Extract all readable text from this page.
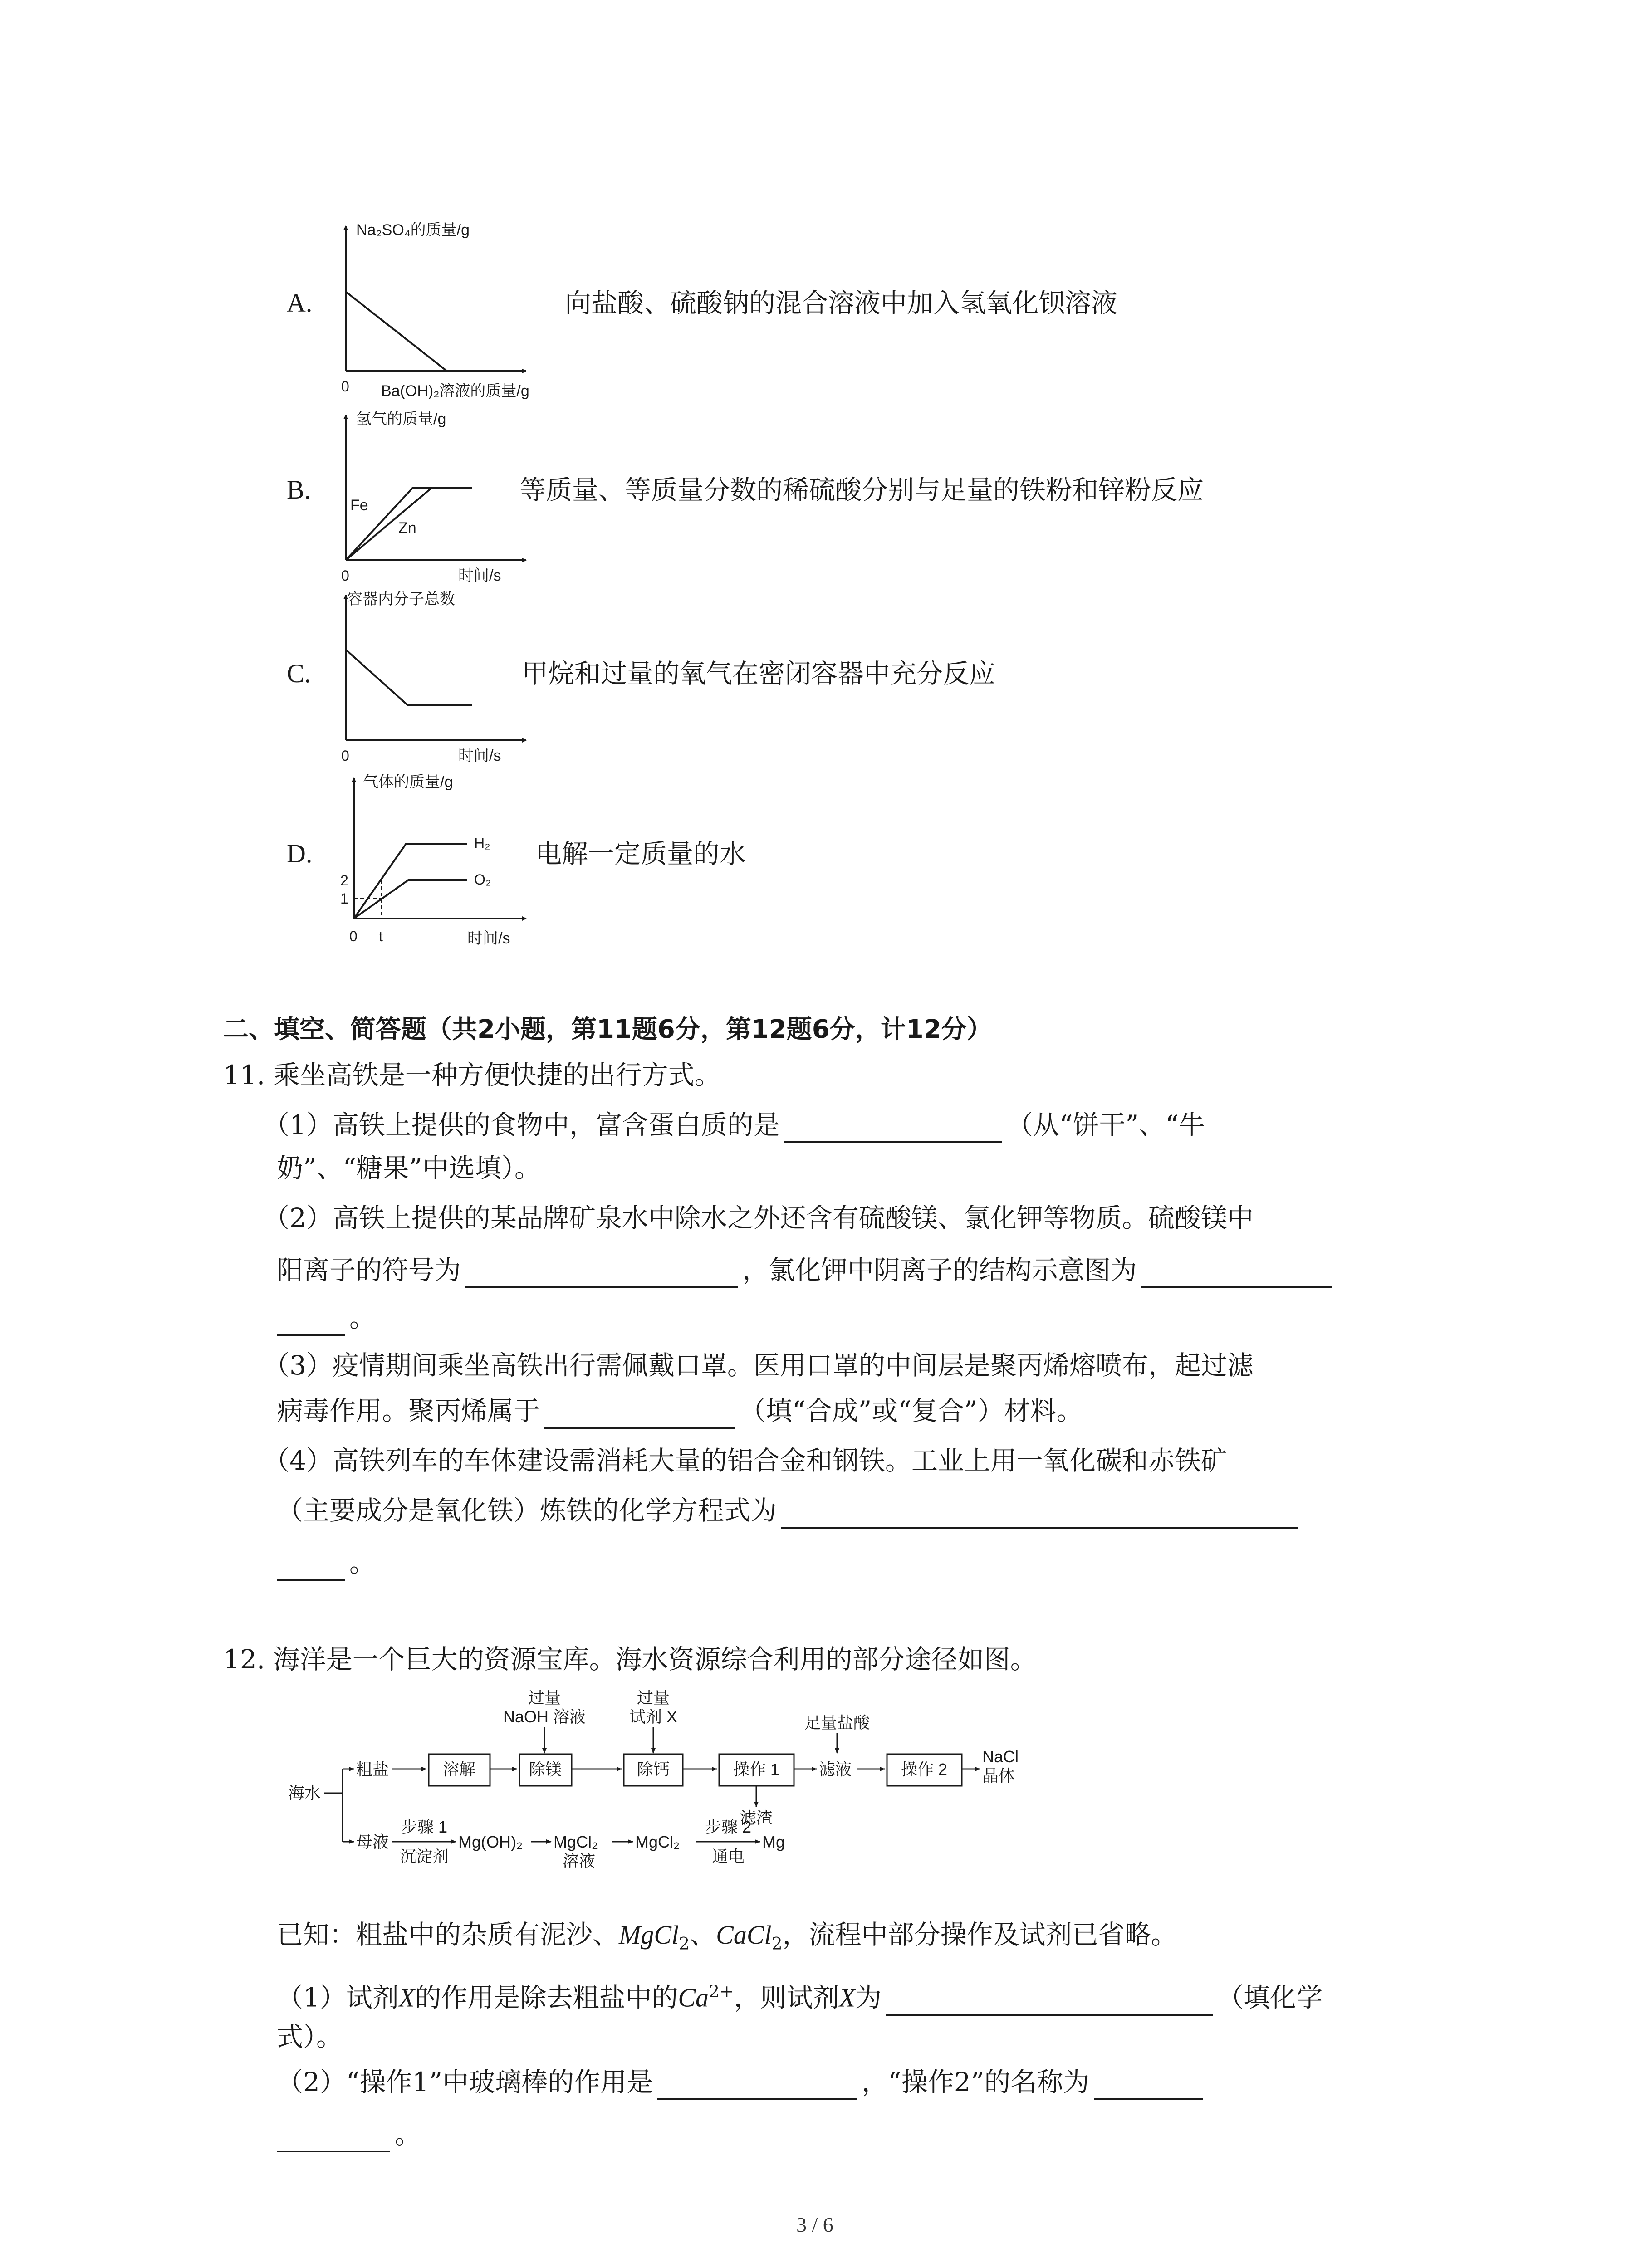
A.
Na₂SO₄的质量/g
0 Ba(OH)₂溶液的质量/g
向盐酸、硫酸钠的混合溶液中加入氢氧化钡溶液
B.
氢气的质量/g
Fe
Zn
0	时间/s
等质量、等质量分数的稀硫酸分别与足量的铁粉和锌粉反应
C.
容器内分子总数
0	时间/s
甲烷和过量的氧气在密闭容器中充分反应
D.
气体的质量/g
H₂
O₂
2
1
0 t	时间/s
电解一定质量的水
二、填空、简答题（共2小题，第11题6分，第12题6分，计12分）
11. 乘坐高铁是一种方便快捷的出行方式。
（1）高铁上提供的食物中，富含蛋白质的是	（从“饼干”、“牛
奶”、“糖果”中选填）。
（2）高铁上提供的某品牌矿泉水中除水之外还含有硫酸镁、氯化钾等物质。硫酸镁中
阳离子的符号为	，氯化钾中阴离子的结构示意图为
。
（3）疫情期间乘坐高铁出行需佩戴口罩。医用口罩的中间层是聚丙烯熔喷布，起过滤
病毒作用。聚丙烯属于	（填“合成”或“复合”）材料。
（4）高铁列车的车体建设需消耗大量的铝合金和钢铁。工业上用一氧化碳和赤铁矿
（主要成分是氧化铁）炼铁的化学方程式为
。
12. 海洋是一个巨大的资源宝库。海水资源综合利用的部分途径如图。
过量
NaOH 溶液
过量
试剂 X	足量盐酸
海水
粗盐	溶解	除镁	除钙	操作 1 滤液	操作 2
NaCl
晶体
滤渣
母液
步骤 1
沉淀剂
Mg(OH)₂ MgCl₂
溶液
MgCl₂
步骤 2
通电
Mg
已知：粗盐中的杂质有泥沙、MgCl$_2$、CaCl$_2$，流程中部分操作及试剂已省略。
（1）试剂X的作用是除去粗盐中的$Ca^{2+}$，则试剂X为	（填化学
式）。
（2）“操作1”中玻璃棒的作用是	，“操作2”的名称为
。
3 / 6
